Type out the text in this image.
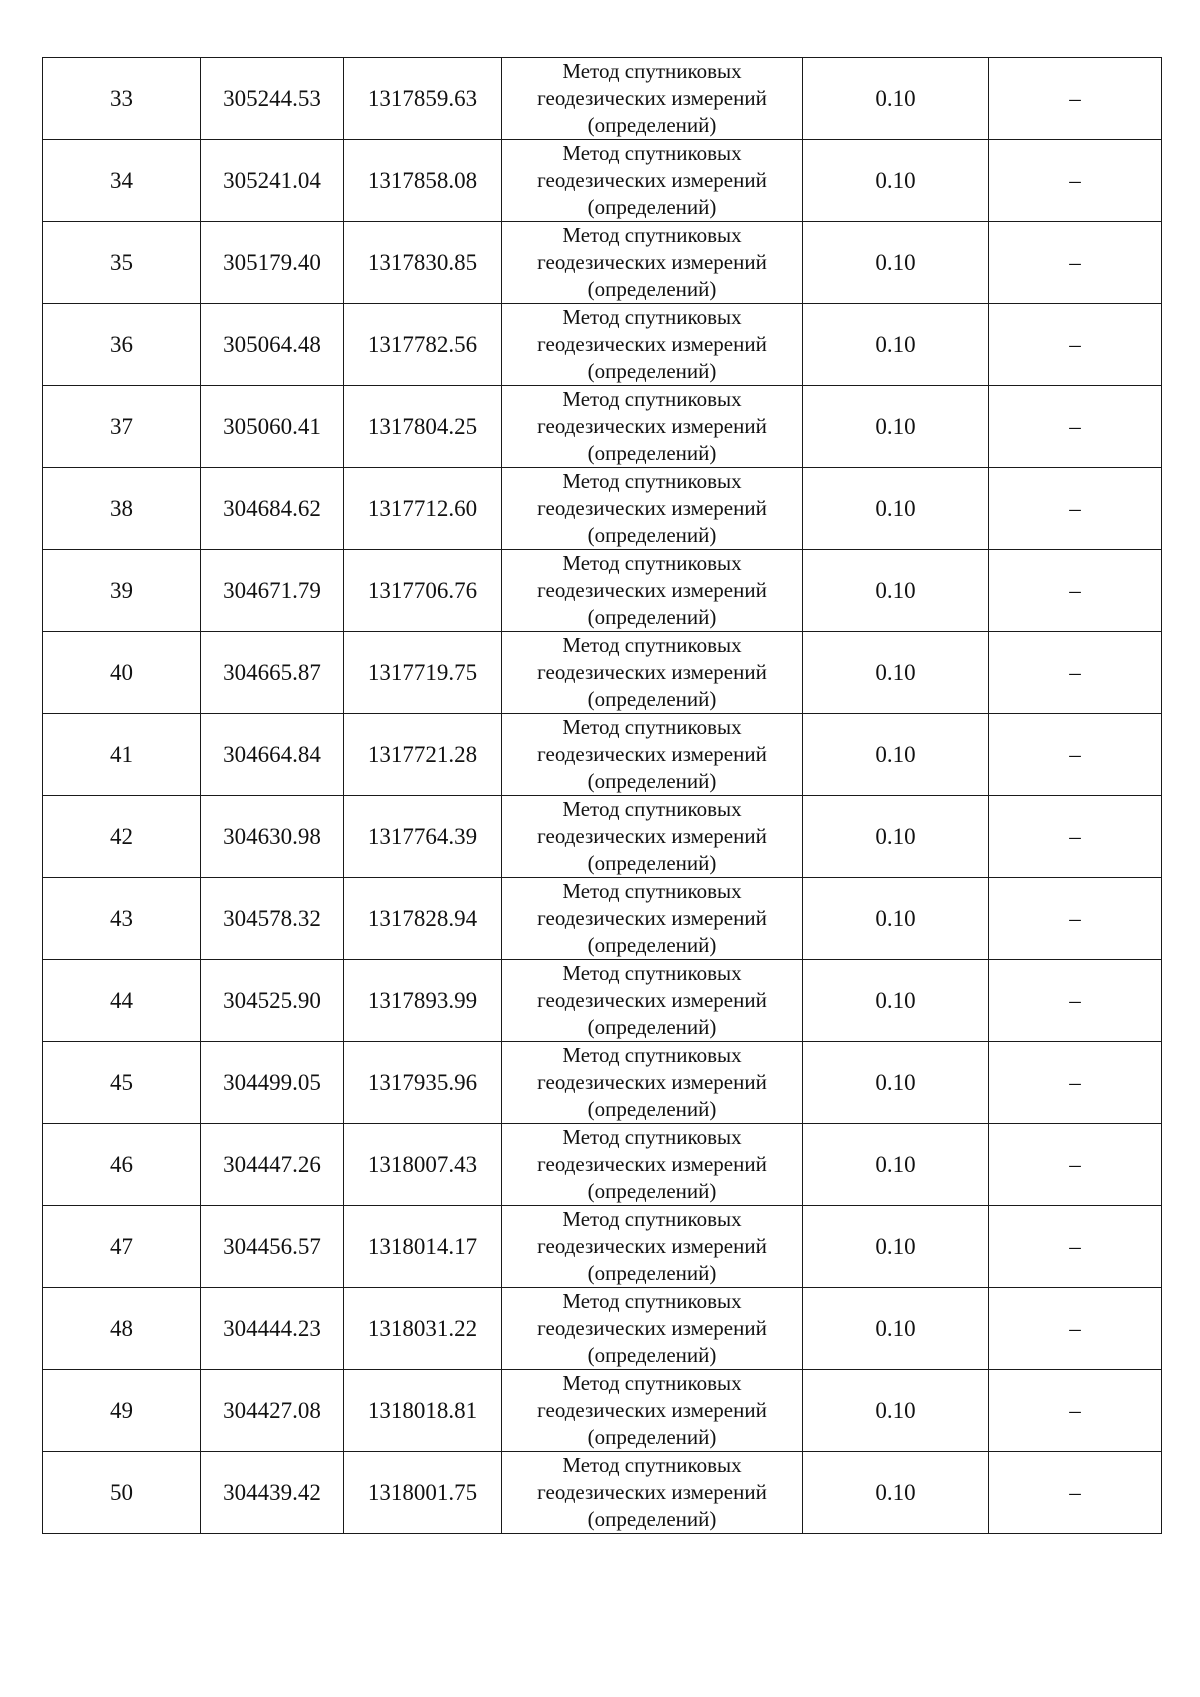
33	305244.53	1317859.63	Метод спутниковых
геодезических измерений
(определений)	0.10	–
34	305241.04	1317858.08	Метод спутниковых
геодезических измерений
(определений)	0.10	–
35	305179.40	1317830.85	Метод спутниковых
геодезических измерений
(определений)	0.10	–
36	305064.48	1317782.56	Метод спутниковых
геодезических измерений
(определений)	0.10	–
37	305060.41	1317804.25	Метод спутниковых
геодезических измерений
(определений)	0.10	–
38	304684.62	1317712.60	Метод спутниковых
геодезических измерений
(определений)	0.10	–
39	304671.79	1317706.76	Метод спутниковых
геодезических измерений
(определений)	0.10	–
40	304665.87	1317719.75	Метод спутниковых
геодезических измерений
(определений)	0.10	–
41	304664.84	1317721.28	Метод спутниковых
геодезических измерений
(определений)	0.10	–
42	304630.98	1317764.39	Метод спутниковых
геодезических измерений
(определений)	0.10	–
43	304578.32	1317828.94	Метод спутниковых
геодезических измерений
(определений)	0.10	–
44	304525.90	1317893.99	Метод спутниковых
геодезических измерений
(определений)	0.10	–
45	304499.05	1317935.96	Метод спутниковых
геодезических измерений
(определений)	0.10	–
46	304447.26	1318007.43	Метод спутниковых
геодезических измерений
(определений)	0.10	–
47	304456.57	1318014.17	Метод спутниковых
геодезических измерений
(определений)	0.10	–
48	304444.23	1318031.22	Метод спутниковых
геодезических измерений
(определений)	0.10	–
49	304427.08	1318018.81	Метод спутниковых
геодезических измерений
(определений)	0.10	–
50	304439.42	1318001.75	Метод спутниковых
геодезических измерений
(определений)	0.10	–
